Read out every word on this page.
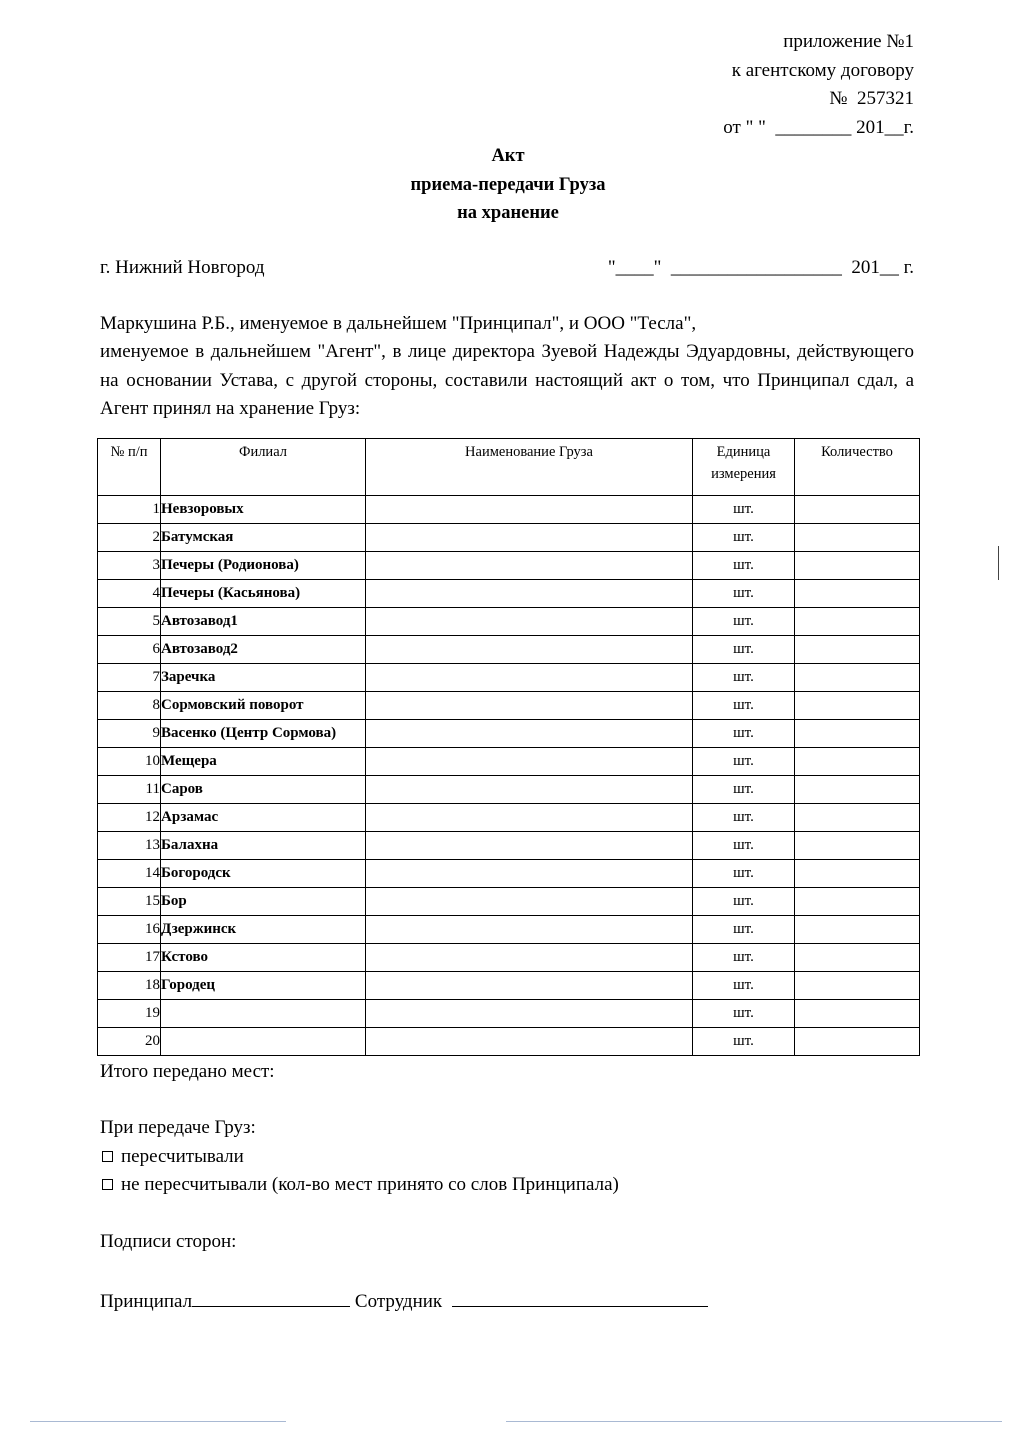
приложение №1
к агентскому договору
№  257321
от " "  ________ 201__г.
Акт
приема-передачи Груза
на хранение
г. Нижний Новгород	"____"  __________________  201__ г.
Маркушина Р.Б., именуемое в дальнейшем "Принципал", и ООО "Тесла",
именуемое в дальнейшем "Агент", в лице директора Зуевой Надежды Эдуардовны, действующего на основании Устава, с другой стороны, составили настоящий акт о том, что Принципал сдал, а Агент принял на хранение Груз:
№ п/п	Филиал	Наименование Груза	Единица измерения	Количество
1	Невзоровых		шт.	
2	Батумская		шт.	
3	Печеры (Родионова)		шт.	
4	Печеры (Касьянова)		шт.	
5	Автозавод1		шт.	
6	Автозавод2		шт.	
7	Заречка		шт.	
8	Сормовский поворот		шт.	
9	Васенко (Центр Сормова)		шт.	
10	Мещера		шт.	
11	Саров		шт.	
12	Арзамас		шт.	
13	Балахна		шт.	
14	Богородск		шт.	
15	Бор		шт.	
16	Дзержинск		шт.	
17	Кстово		шт.	
18	Городец		шт.	
19			шт.	
20			шт.	
Итого передано мест:
При передаче Груз:
пересчитывали
не пересчитывали (кол-во мест принято со слов Принципала)
Подписи сторон:
Принципал	Сотрудник
